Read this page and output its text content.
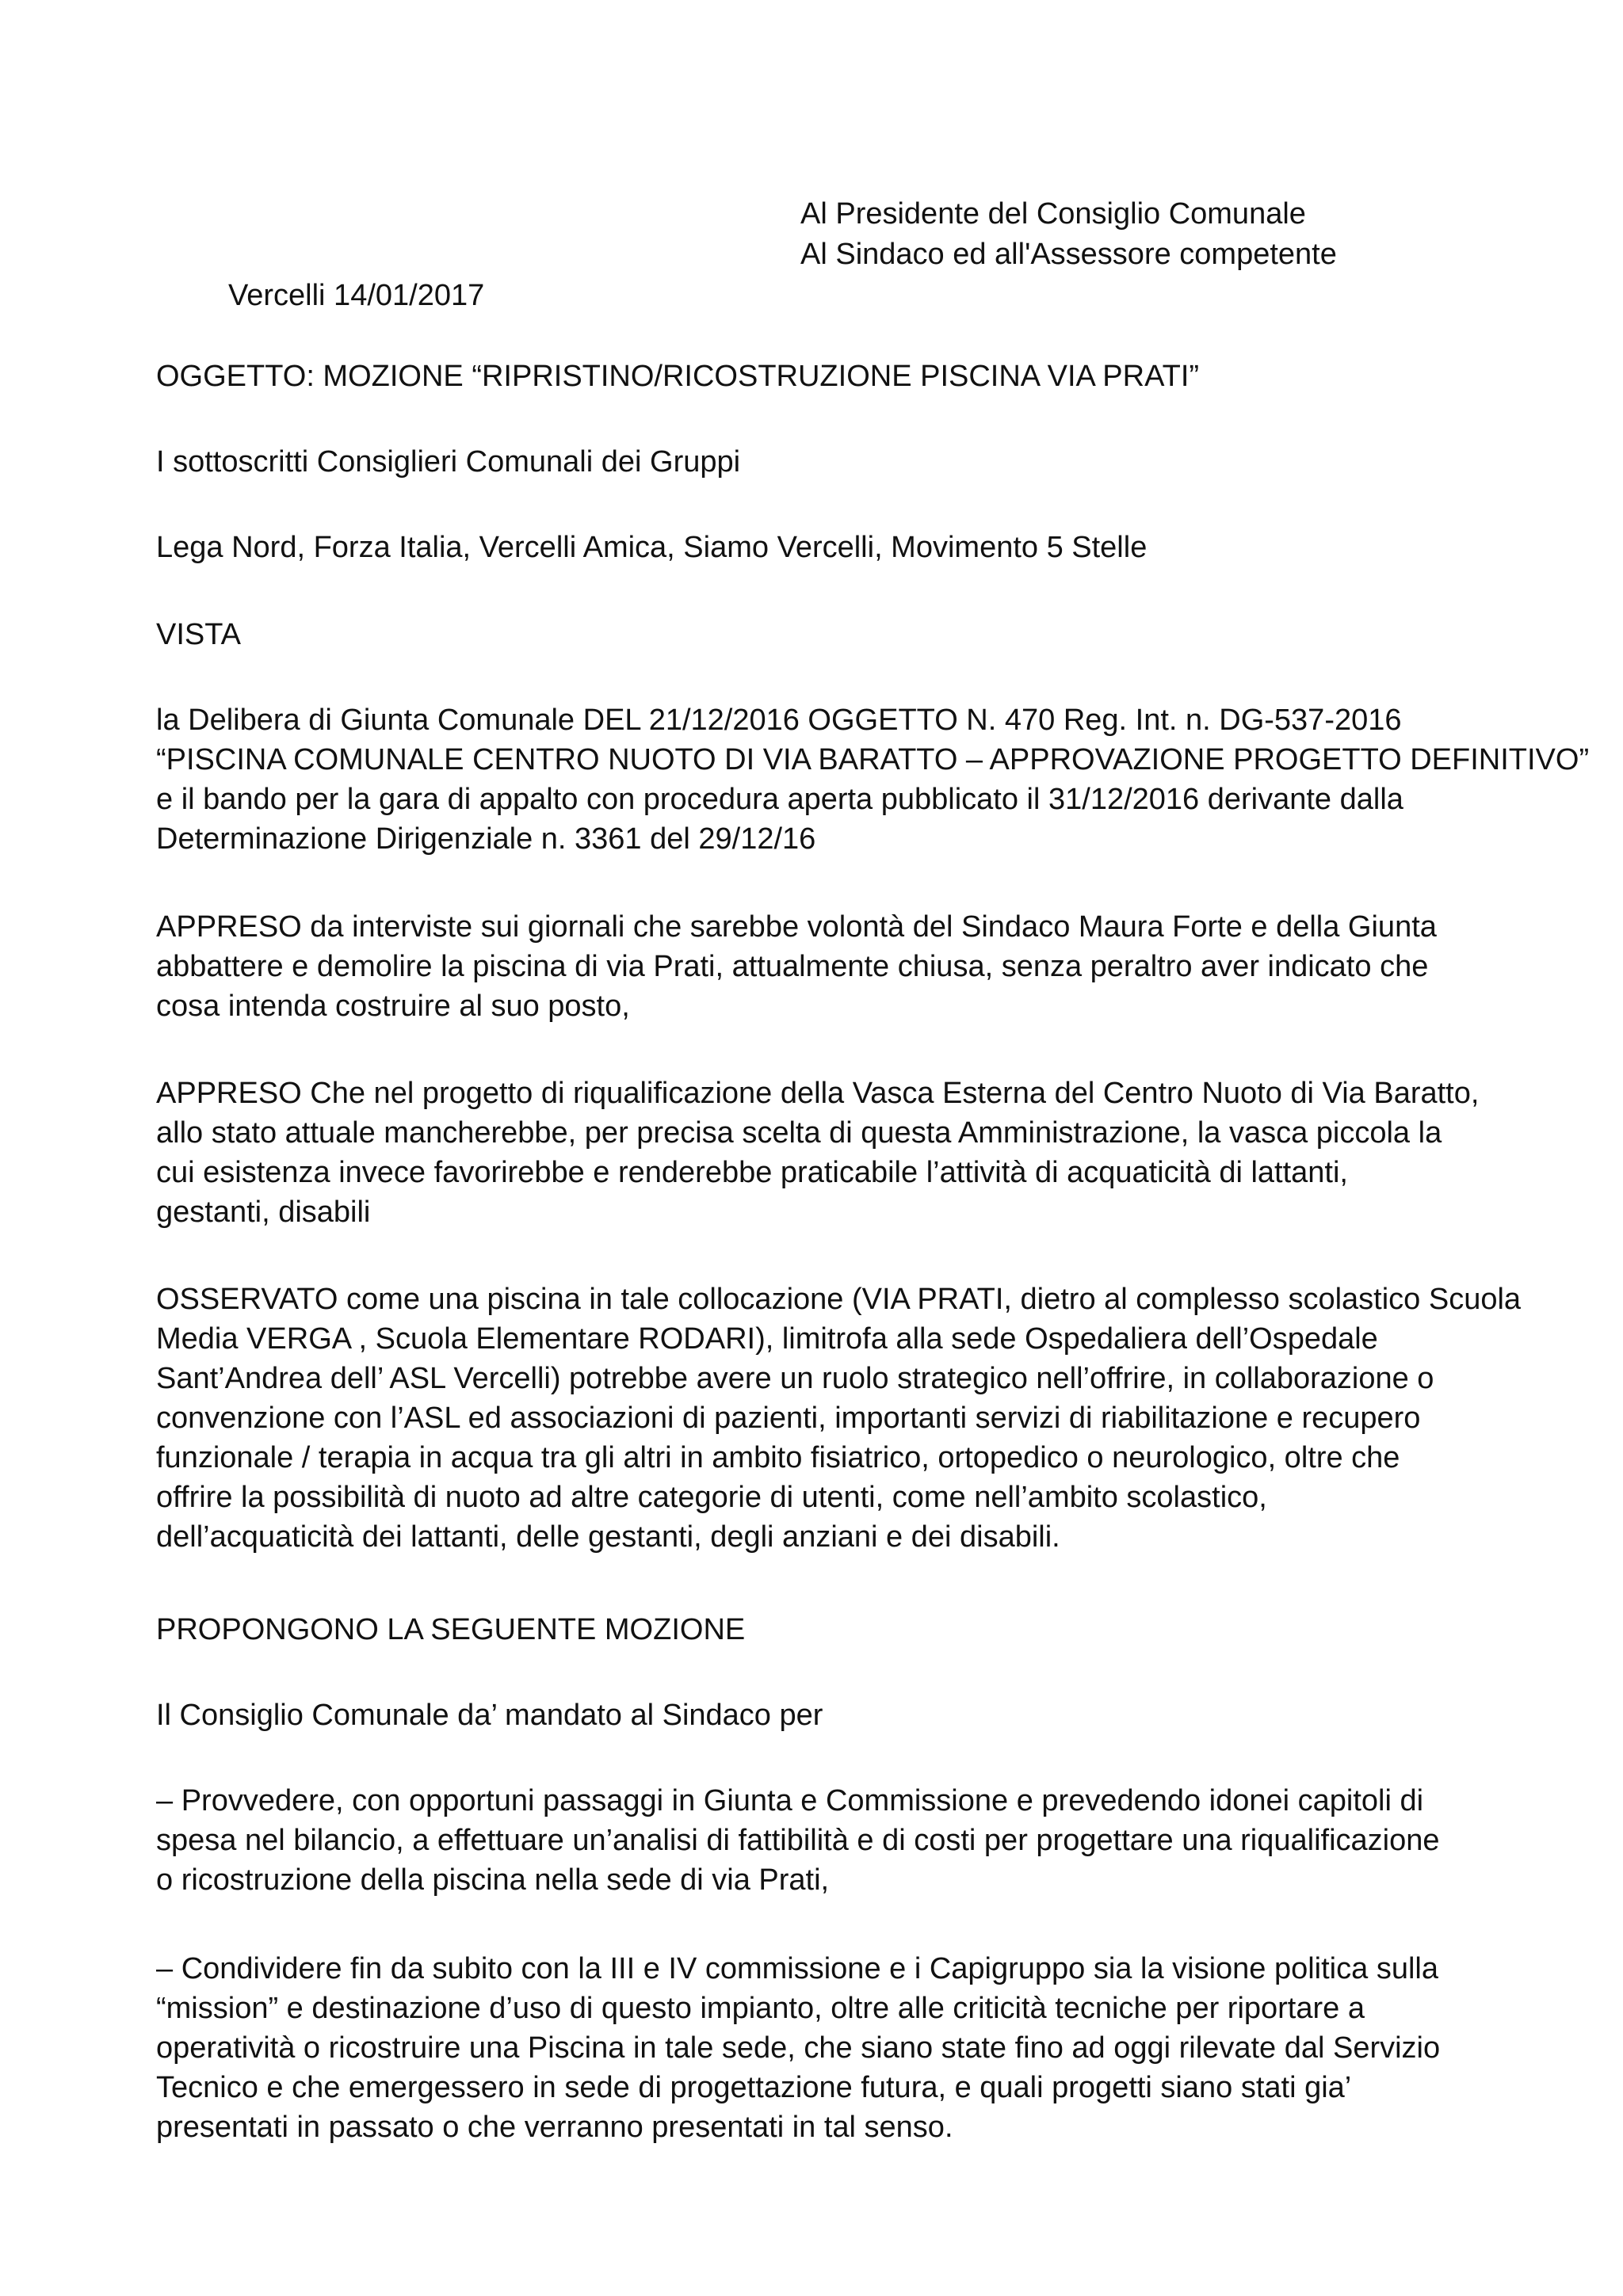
Al Presidente del Consiglio Comunale

Al Sindaco ed all'Assessore competente

Vercelli 14/01/2017

OGGETTO: MOZIONE “RIPRISTINO/RICOSTRUZIONE PISCINA VIA PRATI”

I sottoscritti Consiglieri Comunali dei Gruppi

Lega Nord, Forza Italia, Vercelli Amica, Siamo Vercelli, Movimento 5 Stelle

VISTA

la Delibera di Giunta Comunale DEL 21/12/2016 OGGETTO N. 470 Reg. Int. n. DG-537-2016
“PISCINA COMUNALE CENTRO NUOTO DI VIA BARATTO – APPROVAZIONE PROGETTO DEFINITIVO”
e il bando per la gara di appalto con procedura aperta pubblicato il 31/12/2016 derivante dalla
Determinazione Dirigenziale n. 3361 del 29/12/16
APPRESO da interviste sui giornali che sarebbe volontà del Sindaco Maura Forte e della Giunta
abbattere e demolire la piscina di via Prati, attualmente chiusa, senza peraltro aver indicato che
cosa intenda costruire al suo posto,
APPRESO Che nel progetto di riqualificazione della Vasca Esterna del Centro Nuoto di Via Baratto,
allo stato attuale mancherebbe, per precisa scelta di questa Amministrazione, la vasca piccola la
cui esistenza invece favorirebbe e renderebbe praticabile l’attività di acquaticità di lattanti,
gestanti, disabili
OSSERVATO come una piscina in tale collocazione (VIA PRATI, dietro al complesso scolastico Scuola
Media VERGA , Scuola Elementare RODARI), limitrofa alla sede Ospedaliera dell’Ospedale
Sant’Andrea dell’ ASL Vercelli) potrebbe avere un ruolo strategico nell’offrire, in collaborazione o
convenzione con l’ASL ed associazioni di pazienti, importanti servizi di riabilitazione e recupero
funzionale / terapia in acqua tra gli altri in ambito fisiatrico, ortopedico o neurologico, oltre che
offrire la possibilità di nuoto ad altre categorie di utenti, come nell’ambito scolastico,
dell’acquaticità dei lattanti, delle gestanti, degli anziani e dei disabili.

PROPONGONO LA SEGUENTE MOZIONE

Il Consiglio Comunale da’ mandato al Sindaco per

– Provvedere, con opportuni passaggi in Giunta e Commissione e prevedendo idonei capitoli di
spesa nel bilancio, a effettuare un’analisi di fattibilità e di costi per progettare una riqualificazione
o ricostruzione della piscina nella sede di via Prati,
– Condividere fin da subito con la III e IV commissione e i Capigruppo sia la visione politica sulla
“mission” e destinazione d’uso di questo impianto, oltre alle criticità tecniche per riportare a
operatività o ricostruire una Piscina in tale sede, che siano state fino ad oggi rilevate dal Servizio
Tecnico e che emergessero in sede di progettazione futura, e quali progetti siano stati gia’
presentati in passato o che verranno presentati in tal senso.
